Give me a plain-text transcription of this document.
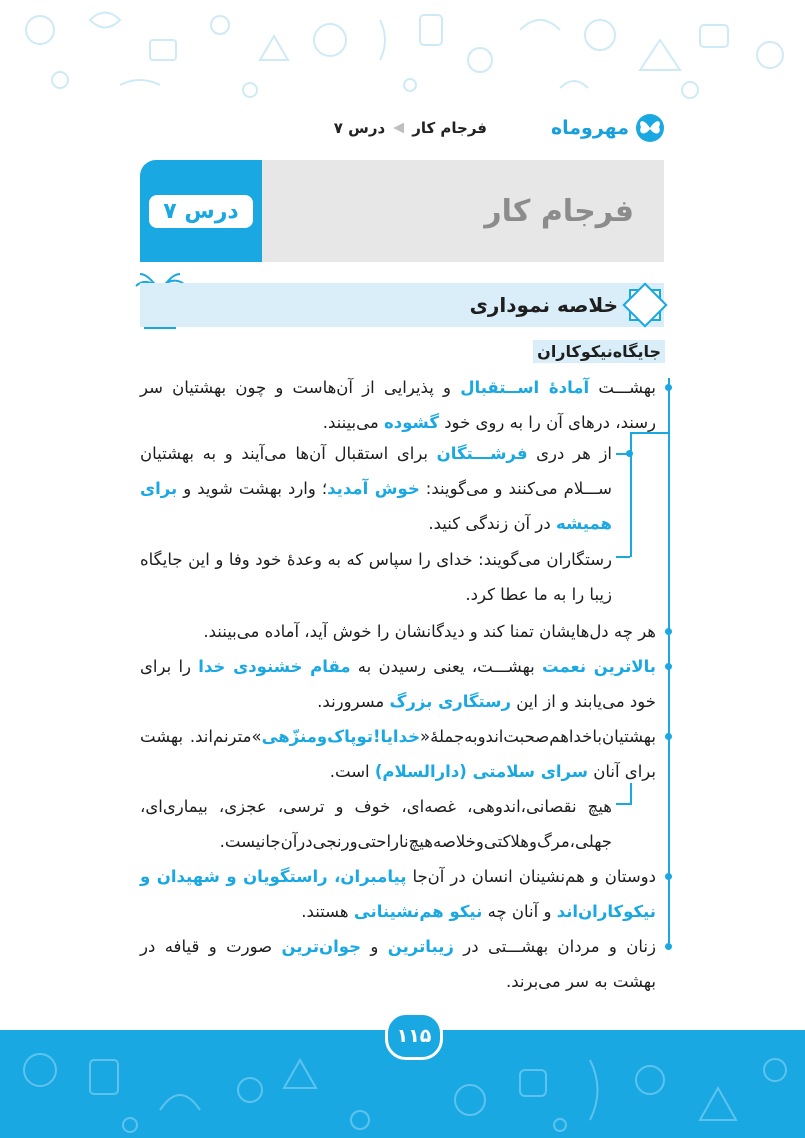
مهروماه
فرجام کار
درس ۷
درس ۷	فرجام کار
خلاصه نموداری
جایگاه‌نیکوکاران
بهشـــت آمادهٔ اســتقبال و پذیرایی از آن‌هاست و چون بهشتیان سر رسند، درهای آن را به روی خود گشوده می‌بینند.
از هر دری فرشـــتگان برای استقبال آن‌ها می‌آیند و به بهشتیان ســـلام می‌کنند و می‌گویند: خوش آمدید؛ وارد بهشت شوید و برای همیشه در آن زندگی کنید.
رستگاران می‌گویند: خدای را سپاس که به وعدهٔ خود وفا و این جایگاه زیبا را به ما عطا کرد.
هر چه دل‌هایشان تمنا کند و دیدگانشان را خوش آید، آماده می‌بینند.
بالاترین نعمت بهشـــت، یعنی رسیدن به مقام خشنودی خدا را برای خود می‌یابند و از این رستگاری بزرگ مسرورند.
بهشتیان‌باخداهم‌صحبت‌اندوبه‌جملهٔ«خدایا!توپاک‌ومنزّهی»مترنم‌اند. بهشت برای آنان سرای سلامتی (دارالسلام) است.
هیچ نقصانی،اندوهی، غصه‌ای، خوف و ترسی، عجزی، بیماری‌ای، جهلی،مرگ‌وهلاکتی‌وخلاصه‌هیچ‌ناراحتی‌ورنجی‌درآن‌جانیست.
دوستان و هم‌نشینان انسان در آن‌جا پیامبران، راستگویان و شهیدان و نیکوکاران‌اند و آنان چه نیکو هم‌نشینانی هستند.
زنان و مردان بهشـــتی در زیباترین و جوان‌ترین صورت و قیافه در بهشت به سر می‌برند.
۱۱۵
